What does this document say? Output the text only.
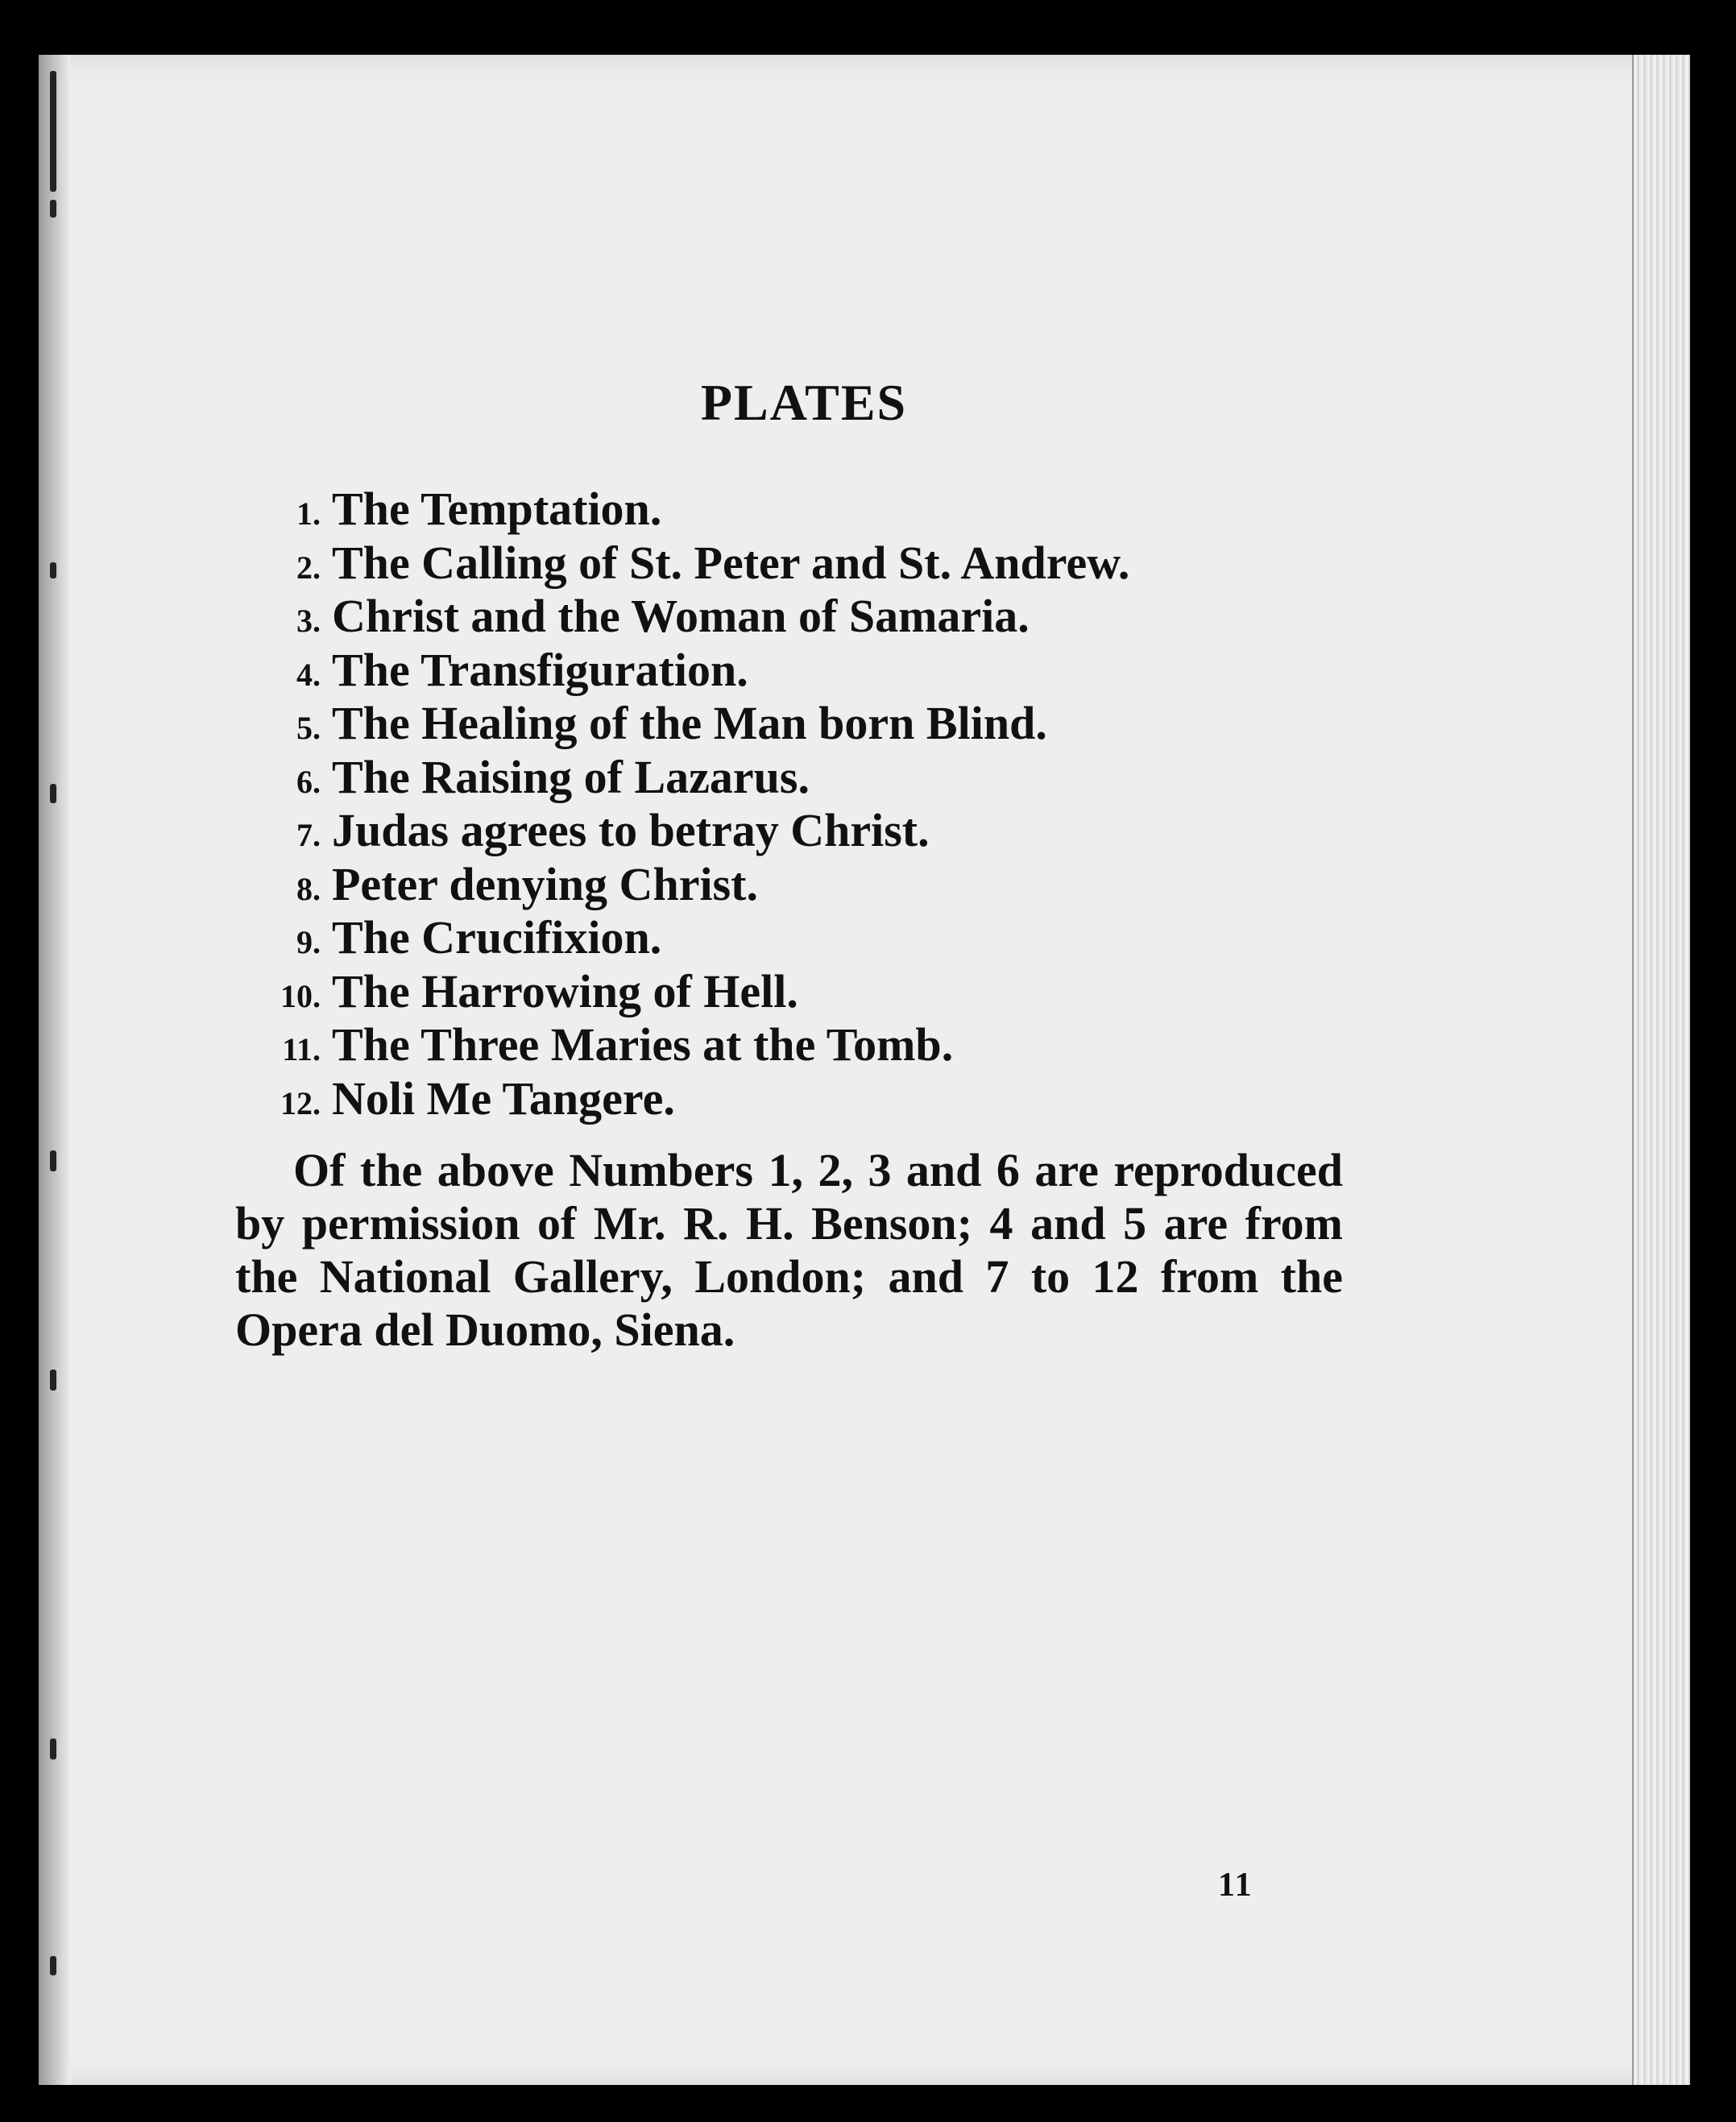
PLATES
1. The Temptation.
2. The Calling of St. Peter and St. Andrew.
3. Christ and the Woman of Samaria.
4. The Transfiguration.
5. The Healing of the Man born Blind.
6. The Raising of Lazarus.
7. Judas agrees to betray Christ.
8. Peter denying Christ.
9. The Crucifixion.
10. The Harrowing of Hell.
11. The Three Maries at the Tomb.
12. Noli Me Tangere.

Of the above Numbers 1, 2, 3 and 6 are reproduced by permission of Mr. R. H. Benson; 4 and 5 are from the National Gallery, London; and 7 to 12 from the Opera del Duomo, Siena.

11
